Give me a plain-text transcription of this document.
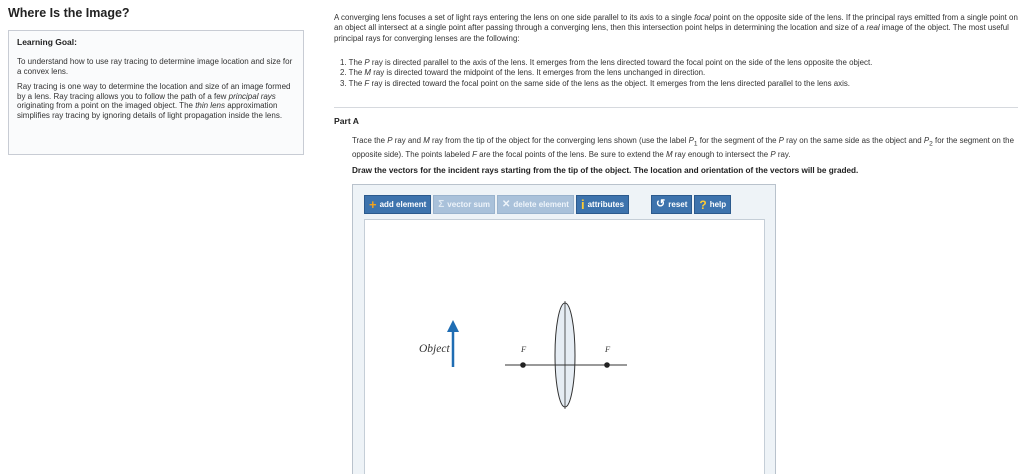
Where Is the Image?
Learning Goal:

To understand how to use ray tracing to determine image location and size for a convex lens.

Ray tracing is one way to determine the location and size of an image formed by a lens. Ray tracing allows you to follow the path of a few principal rays originating from a point on the imaged object. The thin lens approximation simplifies ray tracing by ignoring details of light propagation inside the lens.

A converging lens focuses a set of light rays entering the lens on one side parallel to its axis to a single focal point on the opposite side of the lens. If the principal rays emitted from a single point on an object all intersect at a single point after passing through a converging lens, then this intersection point helps in determining the location and size of a real image of the object. The most useful principal rays for converging lenses are the following:

1. The P ray is directed parallel to the axis of the lens. It emerges from the lens directed toward the focal point on the side of the lens opposite the object.
2. The M ray is directed toward the midpoint of the lens. It emerges from the lens unchanged in direction.
3. The F ray is directed toward the focal point on the same side of the lens as the object. It emerges from the lens directed parallel to the lens axis.
Part A

Trace the P ray and M ray from the tip of the object for the converging lens shown (use the label $P_1$ for the segment of the P ray on the same side as the object and $P_2$ for the segment on the opposite side). The points labeled F are the focal points of the lens. Be sure to extend the M ray enough to intersect the P ray.

Draw the vectors for the incident rays starting from the tip of the object. The location and orientation of the vectors will be graded.
+ add element Σ vector sum ✕ delete element i attributes	↺ reset ? help
Object	F	F
